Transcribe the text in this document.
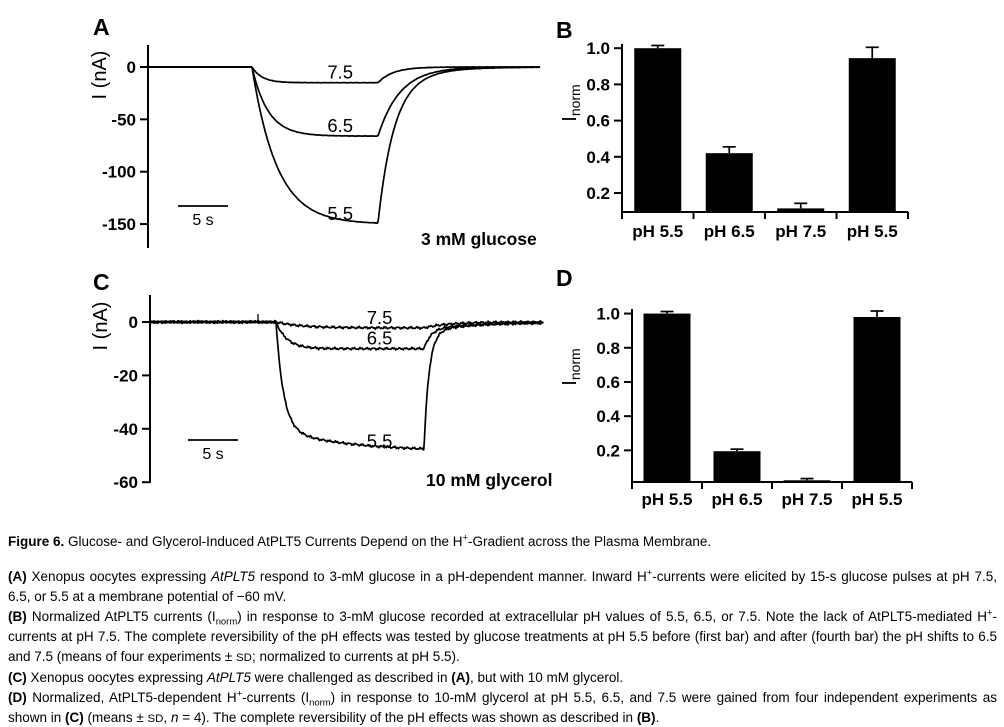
A	B
C	D
0
-50
-100
-150
I (nA)	7.5
6.5
5.5
5 s
0.2
0.4
0.6
0.8
1.0
pH 5.5 pH 6.5 pH 7.5 pH 5.5
$I_{norm}$
0
-20
-40
-60
I (nA)	7.5
6.5
5.5
5 s	0.2
0.4
0.6
0.8
1.0
pH 5.5 pH 6.5 pH 7.5 pH 5.5
$I_{norm}$
3 mM glucose
10 mM glycerol

Figure 6. Glucose- and Glycerol-Induced AtPLT5 Currents Depend on the H+-Gradient across the Plasma Membrane.

(A) Xenopus oocytes expressing AtPLT5 respond to 3-mM glucose in a pH-dependent manner. Inward H+-currents were elicited by 15-s glucose pulses at pH 7.5, 6.5, or 5.5 at a membrane potential of −60 mV.

(B) Normalized AtPLT5 currents $(I_{norm})$ in response to 3-mM glucose recorded at extracellular pH values of 5.5, 6.5, or 7.5. Note the lack of AtPLT5-mediated H+-currents at pH 7.5. The complete reversibility of the pH effects was tested by glucose treatments at pH 5.5 before (first bar) and after (fourth bar) the pH shifts to 6.5 and 7.5 (means of four experiments ± SD; normalized to currents at pH 5.5).

(C) Xenopus oocytes expressing AtPLT5 were challenged as described in (A), but with 10 mM glycerol.

(D) Normalized, AtPLT5-dependent H+-currents $(I_{norm})$ in response to 10-mM glycerol at pH 5.5, 6.5, and 7.5 were gained from four independent experiments as shown in (C) (means ± SD, n = 4). The complete reversibility of the pH effects was shown as described in (B).
